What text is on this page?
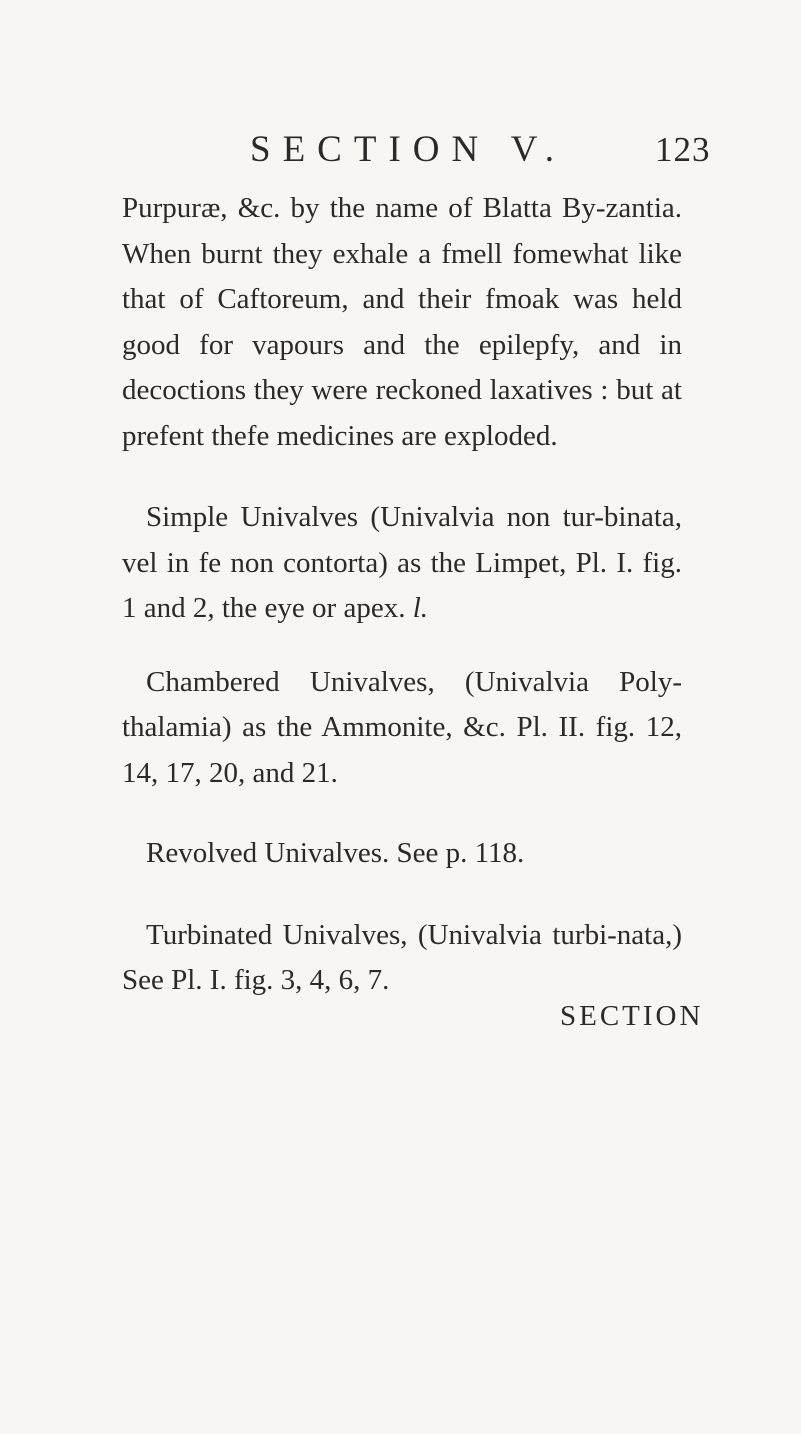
SECTION V.	123

Purpuræ, &c. by the name of Blatta By-zantia. When burnt they exhale a fmell fomewhat like that of Caftoreum, and their fmoak was held good for vapours and the epilepfy, and in decoctions they were reckoned laxatives : but at prefent thefe medicines are exploded.

Simple Univalves (Univalvia non tur-binata, vel in fe non contorta) as the Limpet, Pl. I. fig. 1 and 2, the eye or apex. l.

Chambered Univalves, (Univalvia Poly-thalamia) as the Ammonite, &c. Pl. II. fig. 12, 14, 17, 20, and 21.

Revolved Univalves. See p. 118.

Turbinated Univalves, (Univalvia turbi-nata,) See Pl. I. fig. 3, 4, 6, 7.

SECTION
